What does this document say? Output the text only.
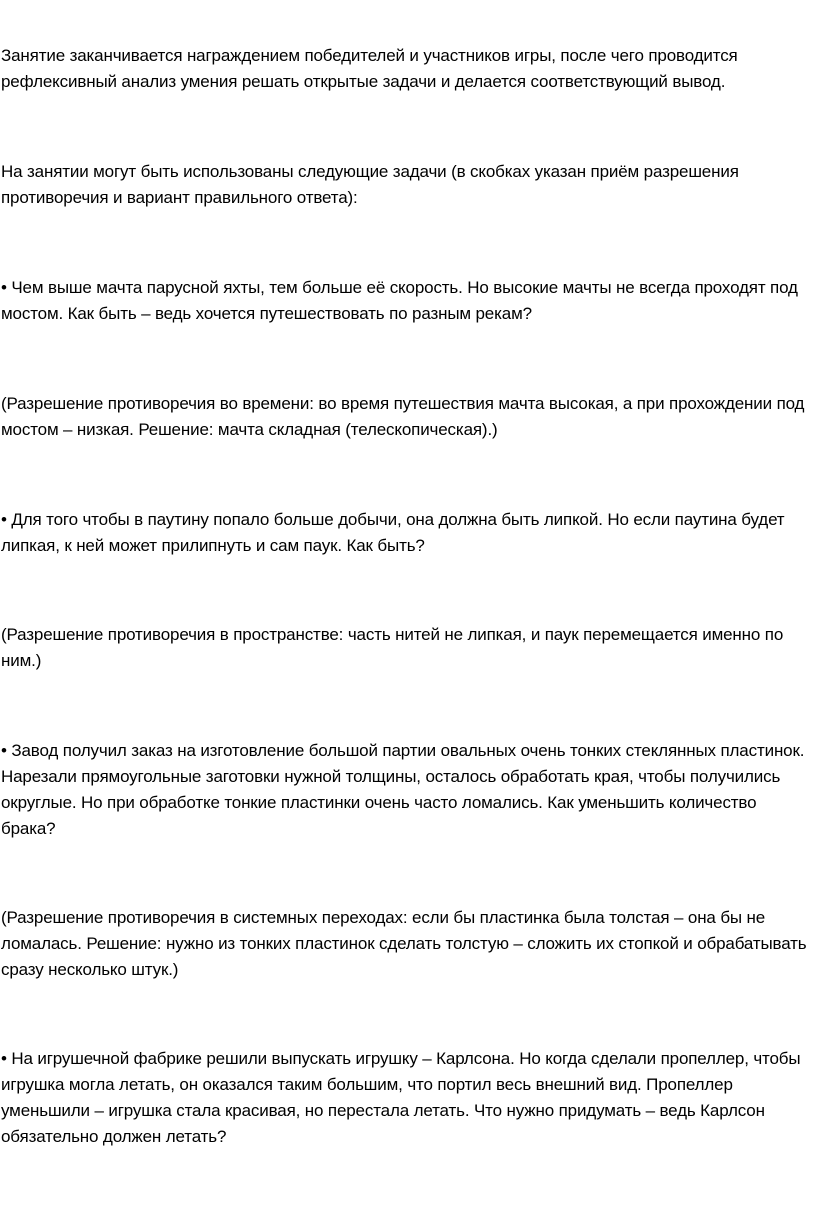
Занятие заканчивается награждением победителей и участников игры, после чего проводится рефлексивный анализ умения решать открытые задачи и делается соответствующий вывод.

На занятии могут быть использованы следующие задачи (в скобках указан приём разрешения противоречия и вариант правильного ответа):

• Чем выше мачта парусной яхты, тем больше её скорость. Но высокие мачты не всегда проходят под мостом. Как быть – ведь хочется путешествовать по разным рекам?

(Разрешение противоречия во времени: во время путешествия мачта высокая, а при прохождении под мостом – низкая. Решение: мачта складная (телескопическая).)

• Для того чтобы в паутину попало больше добычи, она должна быть липкой. Но если паутина будет липкая, к ней может прилипнуть и сам паук. Как быть?

(Разрешение противоречия в пространстве: часть нитей не липкая, и паук перемещается именно по ним.)

• Завод получил заказ на изготовление большой партии овальных очень тонких стеклянных пластинок. Нарезали прямоугольные заготовки нужной толщины, осталось обработать края, чтобы получились округлые. Но при обработке тонкие пластинки очень часто ломались. Как уменьшить количество брака?

(Разрешение противоречия в системных переходах: если бы пластинка была толстая – она бы не ломалась. Решение: нужно из тонких пластинок сделать толстую – сложить их стопкой и обрабатывать сразу несколько штук.)

• На игрушечной фабрике решили выпускать игрушку – Карлсона. Но когда сделали пропеллер, чтобы игрушка могла летать, он оказался таким большим, что портил весь внешний вид. Пропеллер уменьшили – игрушка стала красивая, но перестала летать. Что нужно придумать – ведь Карлсон обязательно должен летать?
